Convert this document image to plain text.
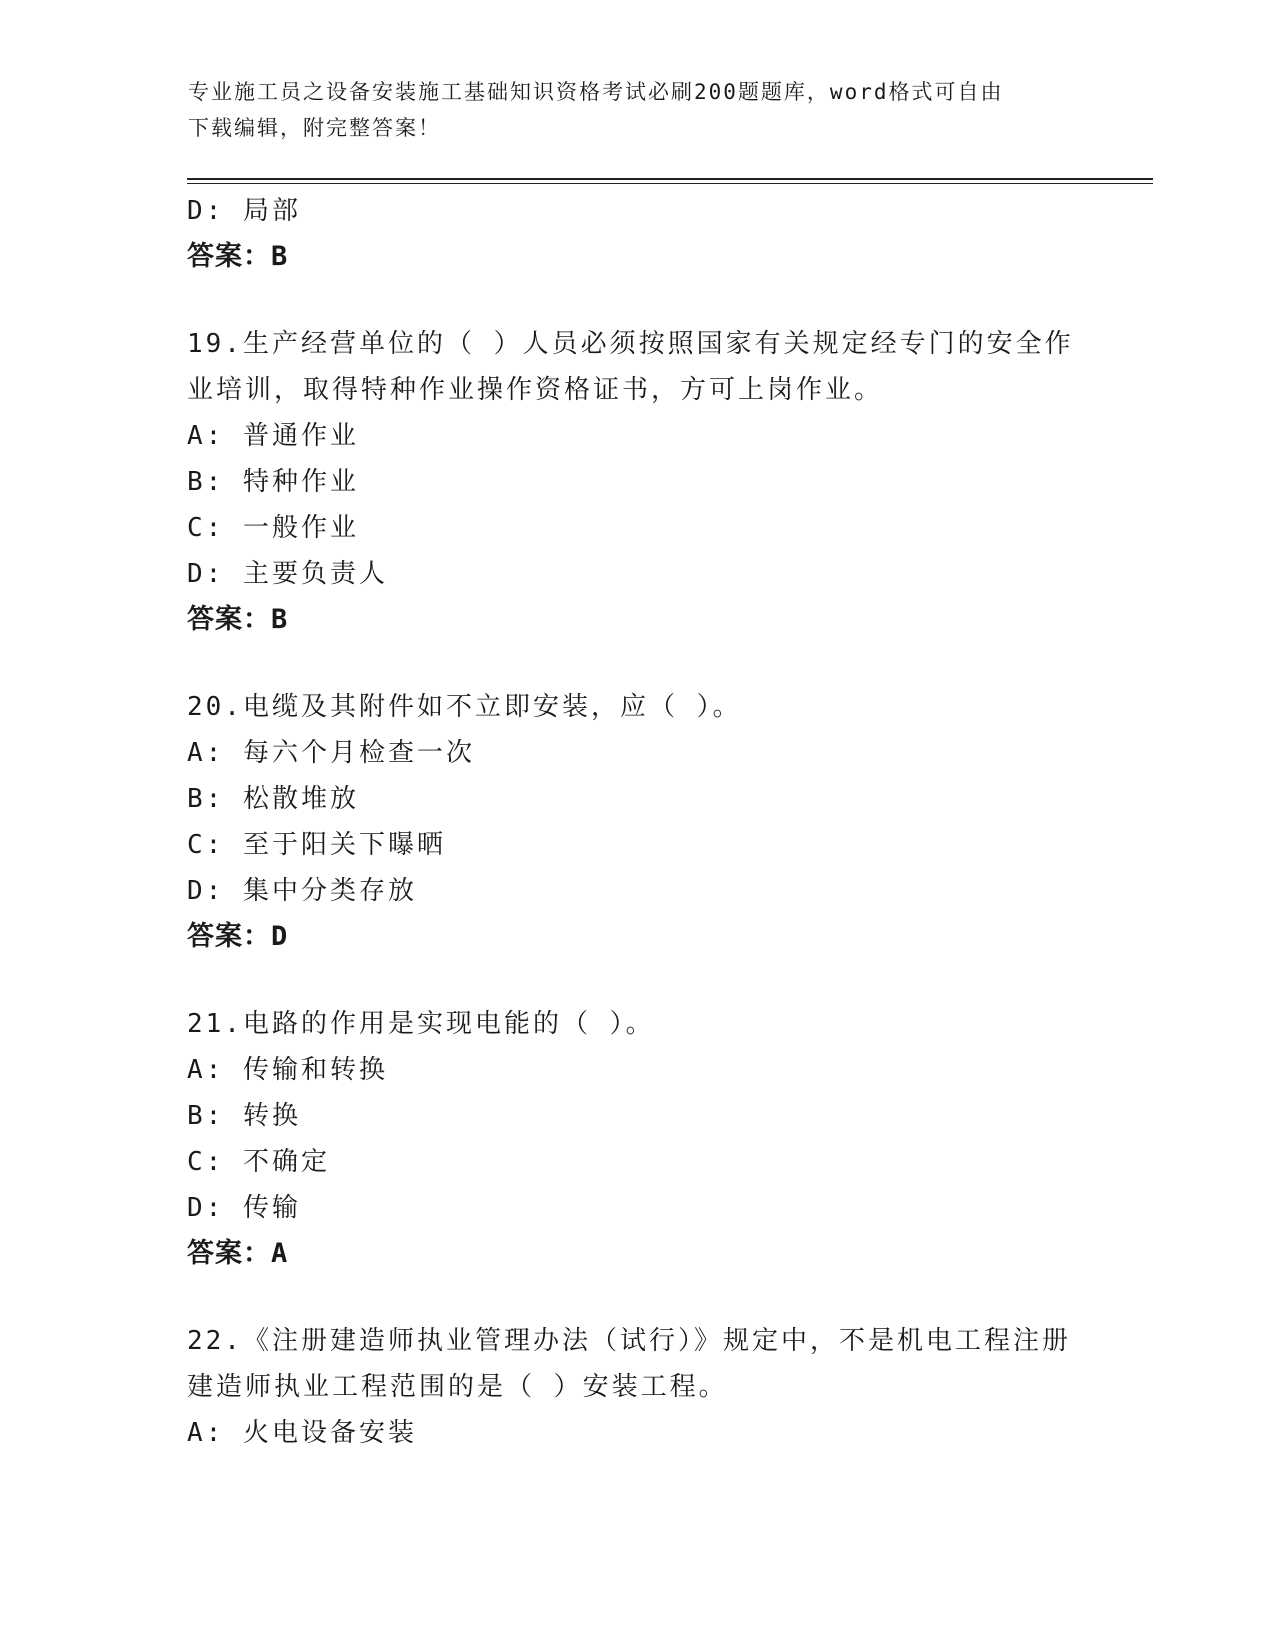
专业施工员之设备安装施工基础知识资格考试必刷200题题库，word格式可自由
下载编辑，附完整答案！
D: 局部
答案：B
19.生产经营单位的（ ）人员必须按照国家有关规定经专门的安全作
业培训，取得特种作业操作资格证书，方可上岗作业。
A: 普通作业
B: 特种作业
C: 一般作业
D: 主要负责人
答案：B
20.电缆及其附件如不立即安装，应（ ）。
A: 每六个月检查一次
B: 松散堆放
C: 至于阳关下曝晒
D: 集中分类存放
答案：D
21.电路的作用是实现电能的（ ）。
A: 传输和转换
B: 转换
C: 不确定
D: 传输
答案：A
22.《注册建造师执业管理办法（试行）》规定中，不是机电工程注册
建造师执业工程范围的是（ ）安装工程。
A: 火电设备安装
